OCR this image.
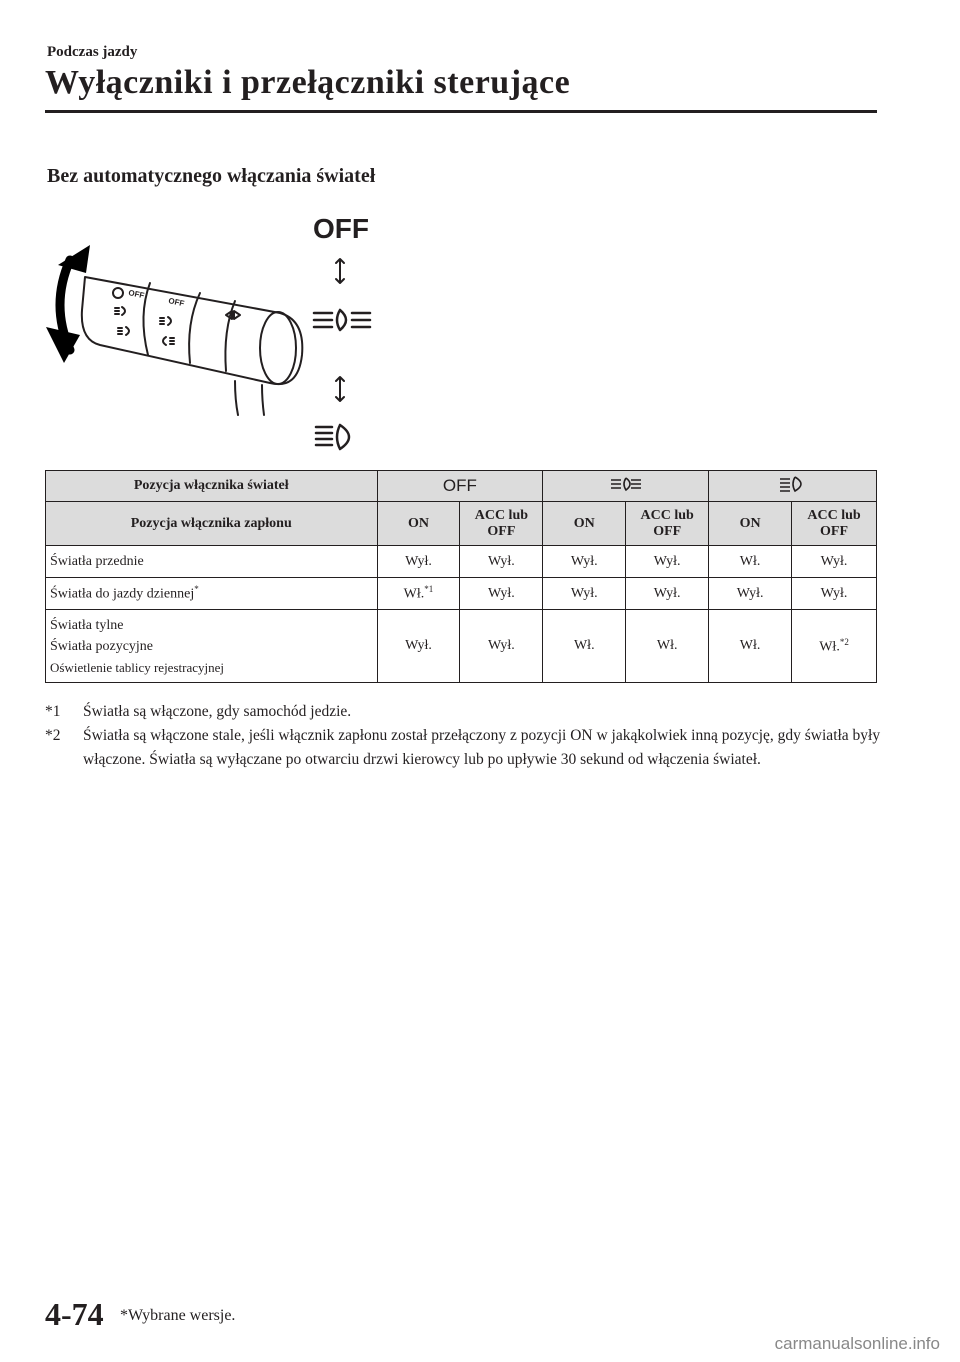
Podczas jazdy
Wyłączniki i przełączniki sterujące
Bez automatycznego włączania świateł
OFF
OFF
OFF
Pozycja włącznika świateł	OFF		
Pozycja włącznika zapłonu	ON	ACC lub
OFF	ON	ACC lub
OFF	ON	ACC lub
OFF
Światła przednie	Wył.	Wył.	Wył.	Wył.	Wł.	Wył.
Światła do jazdy dziennej*	Wł.$^{*1}$	Wył.	Wył.	Wył.	Wył.	Wył.

Światła tylne
Światła pozycyjne
Oświetlenie tablicy rejestracyjnej	Wył.	Wył.	Wł.	Wł.	Wł.	Wł.$^{*2}$
*1	Światła są włączone, gdy samochód jedzie.
*2	Światła są włączone stale, jeśli włącznik zapłonu został przełączony z pozycji ON w jakąkolwiek inną pozycję, gdy światła były włączone. Światła są wyłączane po otwarciu drzwi kierowcy lub po upływie 30 sekund od włączenia świateł.
4-74 *Wybrane wersje.
carmanualsonline.info
